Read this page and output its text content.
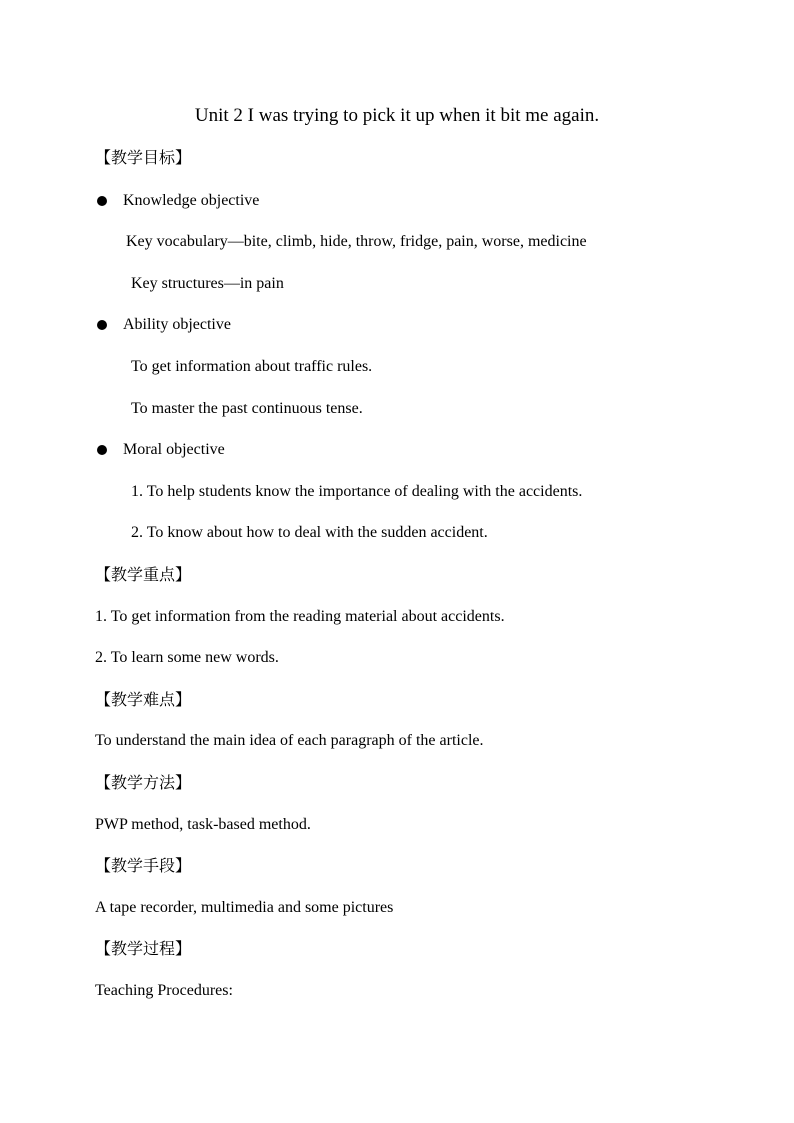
Unit 2 I was trying to pick it up when it bit me again.
【教学目标】
Knowledge objective
Key vocabulary—bite, climb, hide, throw, fridge, pain, worse, medicine
Key structures—in pain
Ability objective
To get information about traffic rules.
To master the past continuous tense.
Moral objective
1. To help students know the importance of dealing with the accidents.
2. To know about how to deal with the sudden accident.
【教学重点】
1. To get information from the reading material about accidents.
2. To learn some new words.
【教学难点】
To understand the main idea of each paragraph of the article.
【教学方法】
PWP method, task-based method.
【教学手段】
A tape recorder, multimedia and some pictures
【教学过程】
Teaching Procedures:
